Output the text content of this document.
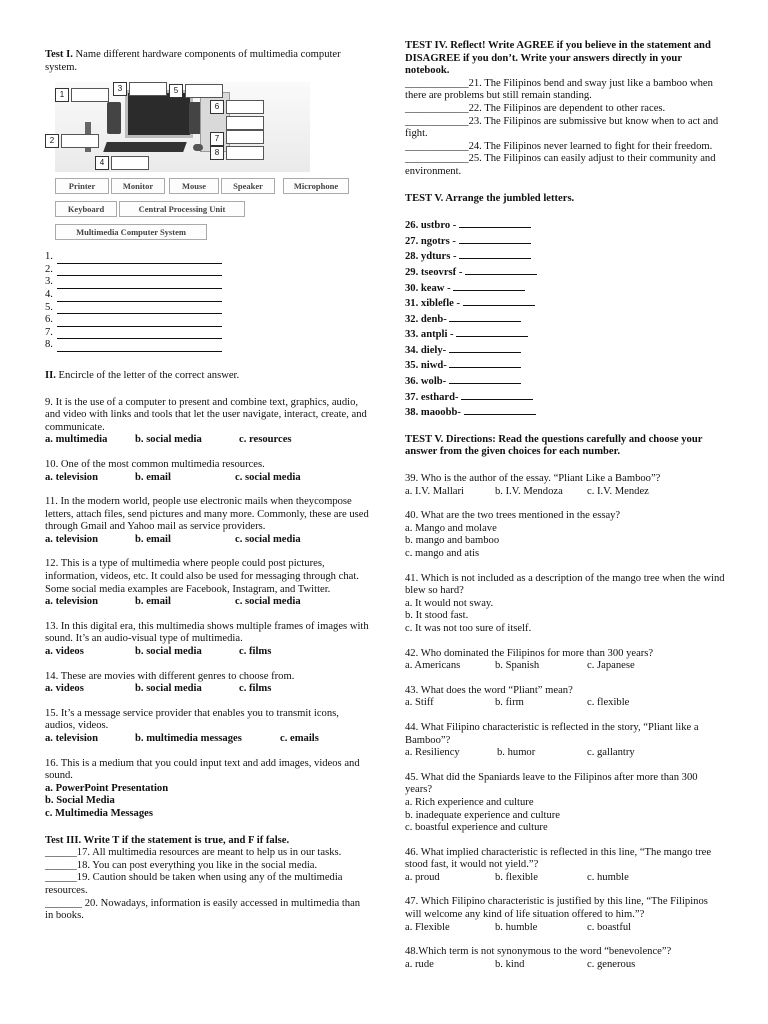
Test I. Name different hardware components of multimedia computer system.

1
3	5
6
2	7
8
4
Printer	Monitor	Mouse	Speaker	Microphone
Keyboard	Central Processing Unit
Multimedia Computer System
1.
2.
3.
4.
5.
6.
7.
8.

II. Encircle of the letter of the correct answer.

9. It is the use of a computer to present and combine text, graphics, audio, and video with links and tools that let the user navigate, interact, create, and communicate.

a. multimedia	b. social media	c. resources

10. One of the most common multimedia resources.

a. television	b. email	c. social media

11. In the modern world, people use electronic mails when theycompose letters, attach files, send pictures and many more. Commonly, these are used through Gmail and Yahoo mail as service providers.

a. television	b. email	c. social media

12. This is a type of multimedia where people could post pictures, information, videos, etc. It could also be used for messaging through chat. Some social media examples are Facebook, Instagram, and Twitter.

a. television	b. email	c. social media

13. In this digital era, this multimedia shows multiple frames of images with sound. It’s an audio-visual type of multimedia.

a. videos	b. social media	c. films

14. These are movies with different genres to choose from.

a. videos	b. social media	c. films

15. It’s a message service provider that enables you to transmit icons, audios, videos.

a. television	b. multimedia messages	c. emails

16. This is a medium that you could input text and add images, videos and sound.

a. PowerPoint Presentation

b. Social Media

c. Multimedia Messages

Test III. Write T if the statement is true, and F if false.

______17. All multimedia resources are meant to help us in our tasks.

______18. You can post everything you like in the social media.

______19. Caution should be taken when using any of the multimedia resources.

_______ 20. Nowadays, information is easily accessed in multimedia than in books.

TEST IV. Reflect! Write AGREE if you believe in the statement and DISAGREE if you don’t. Write your answers directly in your notebook.

____________21. The Filipinos bend and sway just like a bamboo when there are problems but still remain standing.

____________22. The Filipinos are dependent to other races.

____________23. The Filipinos are submissive but know when to act and fight.

____________24. The Filipinos never learned to fight for their freedom.

____________25. The Filipinos can easily adjust to their community and environment.

TEST V. Arrange the jumbled letters.

26. ustbro -

27. ngotrs -

28. ydturs -

29. tseovrsf -

30. keaw -

31. xiblefle -

32. denb-

33. antpli -

34. diely-

35. niwd-

36. wolb-

37. esthard-

38. maoobb-

TEST V. Directions: Read the questions carefully and choose your answer from the given choices for each number.

39. Who is the author of the essay. “Pliant Like a Bamboo”?

a. I.V. Mallari	b. I.V. Mendoza	c. I.V. Mendez

40. What are the two trees mentioned in the essay?

a. Mango and molave

b. mango and bamboo

c. mango and atis

41. Which is not included as a description of the mango tree when the wind blew so hard?

a. It would not sway.

b. It stood fast.

c. It was not too sure of itself.

42. Who dominated the Filipinos for more than 300 years?

a. Americans	b. Spanish	c. Japanese

43. What does the word “Pliant” mean?

a. Stiff	b. firm	c. flexible

44. What Filipino characteristic is reflected in the story, “Pliant like a Bamboo”?

a. Resiliency	b. humor	c. gallantry

45. What did the Spaniards leave to the Filipinos after more than 300 years?

a. Rich experience and culture

b. inadequate experience and culture

c. boastful experience and culture

46. What implied characteristic is reflected in this line, “The mango tree stood fast, it would not yield.”?

a. proud	b. flexible	c. humble

47. Which Filipino characteristic is justified by this line, “The Filipinos will welcome any kind of life situation offered to him.”?

a. Flexible	b. humble	c. boastful

48.Which term is not synonymous to the word “benevolence”?

a. rude	b. kind	c. generous
